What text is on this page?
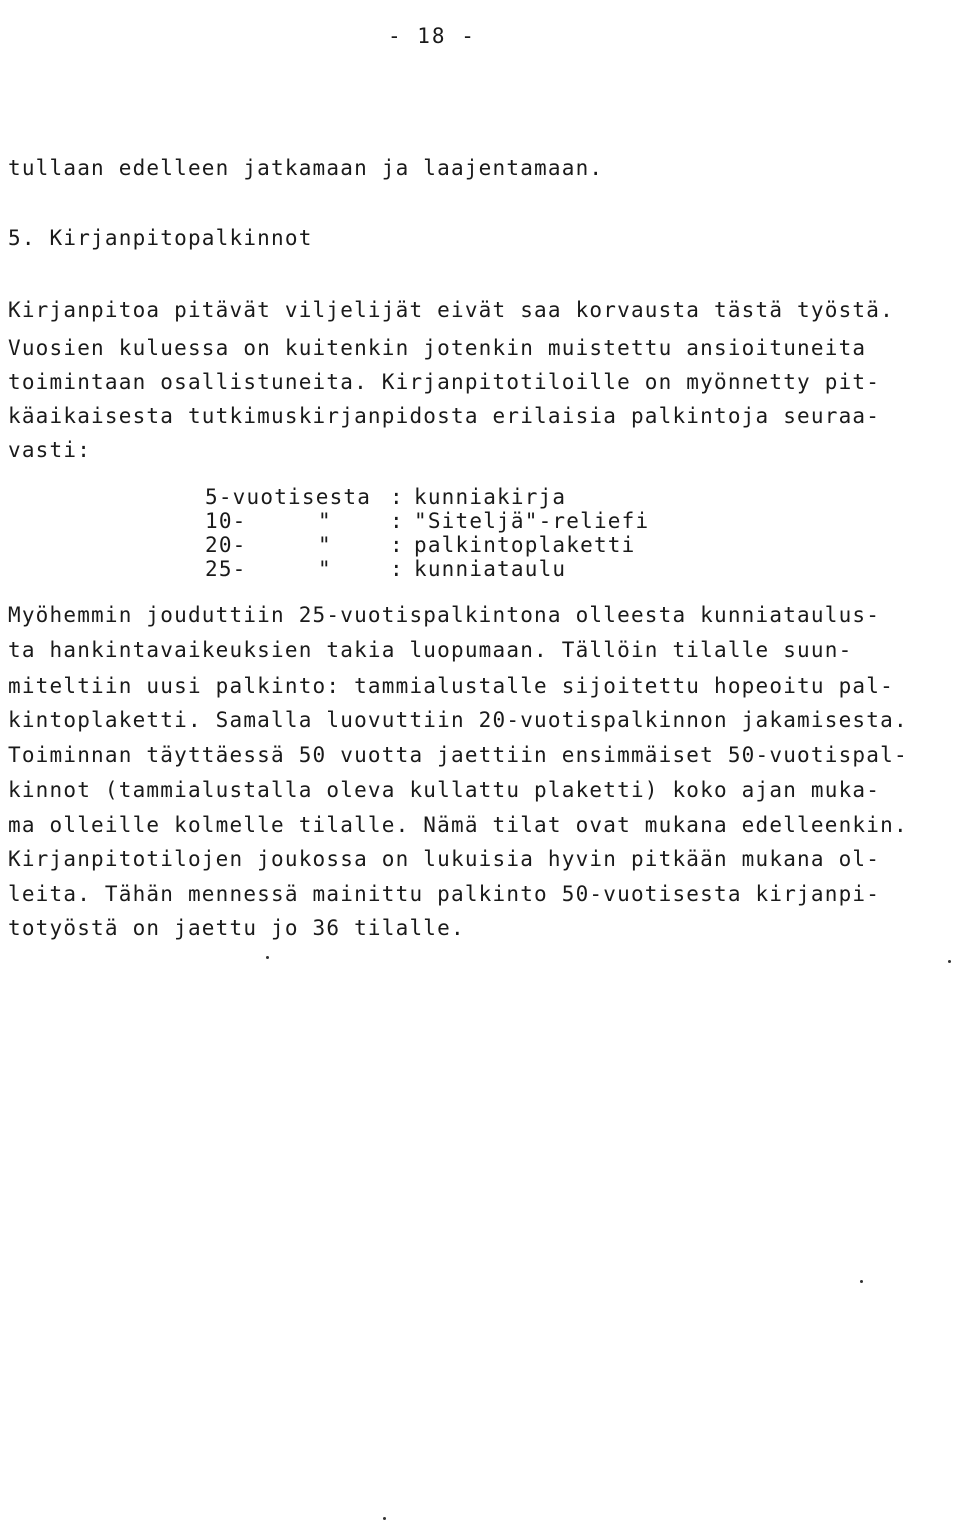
- 18 -
tullaan edelleen jatkamaan ja laajentamaan.
5. Kirjanpitopalkinnot
Kirjanpitoa pitävät viljelijät eivät saa korvausta tästä työstä.
Vuosien kuluessa on kuitenkin jotenkin muistettu ansioituneita
toimintaan osallistuneita. Kirjanpitotiloille on myönnetty pit-
käaikaisesta tutkimuskirjanpidosta erilaisia palkintoja seuraa-
vasti:
5-vuotisesta : kunniakirja
10-	"	: "Siteljä"-reliefi
20-	"	: palkintoplaketti
25-	"	: kunniataulu
Myöhemmin jouduttiin 25-vuotispalkintona olleesta kunniataulus-
ta hankintavaikeuksien takia luopumaan. Tällöin tilalle suun-
miteltiin uusi palkinto: tammialustalle sijoitettu hopeoitu pal-
kintoplaketti. Samalla luovuttiin 20-vuotispalkinnon jakamisesta.
Toiminnan täyttäessä 50 vuotta jaettiin ensimmäiset 50-vuotispal-
kinnot (tammialustalla oleva kullattu plaketti) koko ajan muka-
ma olleille kolmelle tilalle. Nämä tilat ovat mukana edelleenkin.
Kirjanpitotilojen joukossa on lukuisia hyvin pitkään mukana ol-
leita. Tähän mennessä mainittu palkinto 50-vuotisesta kirjanpi-
totyöstä on jaettu jo 36 tilalle.
